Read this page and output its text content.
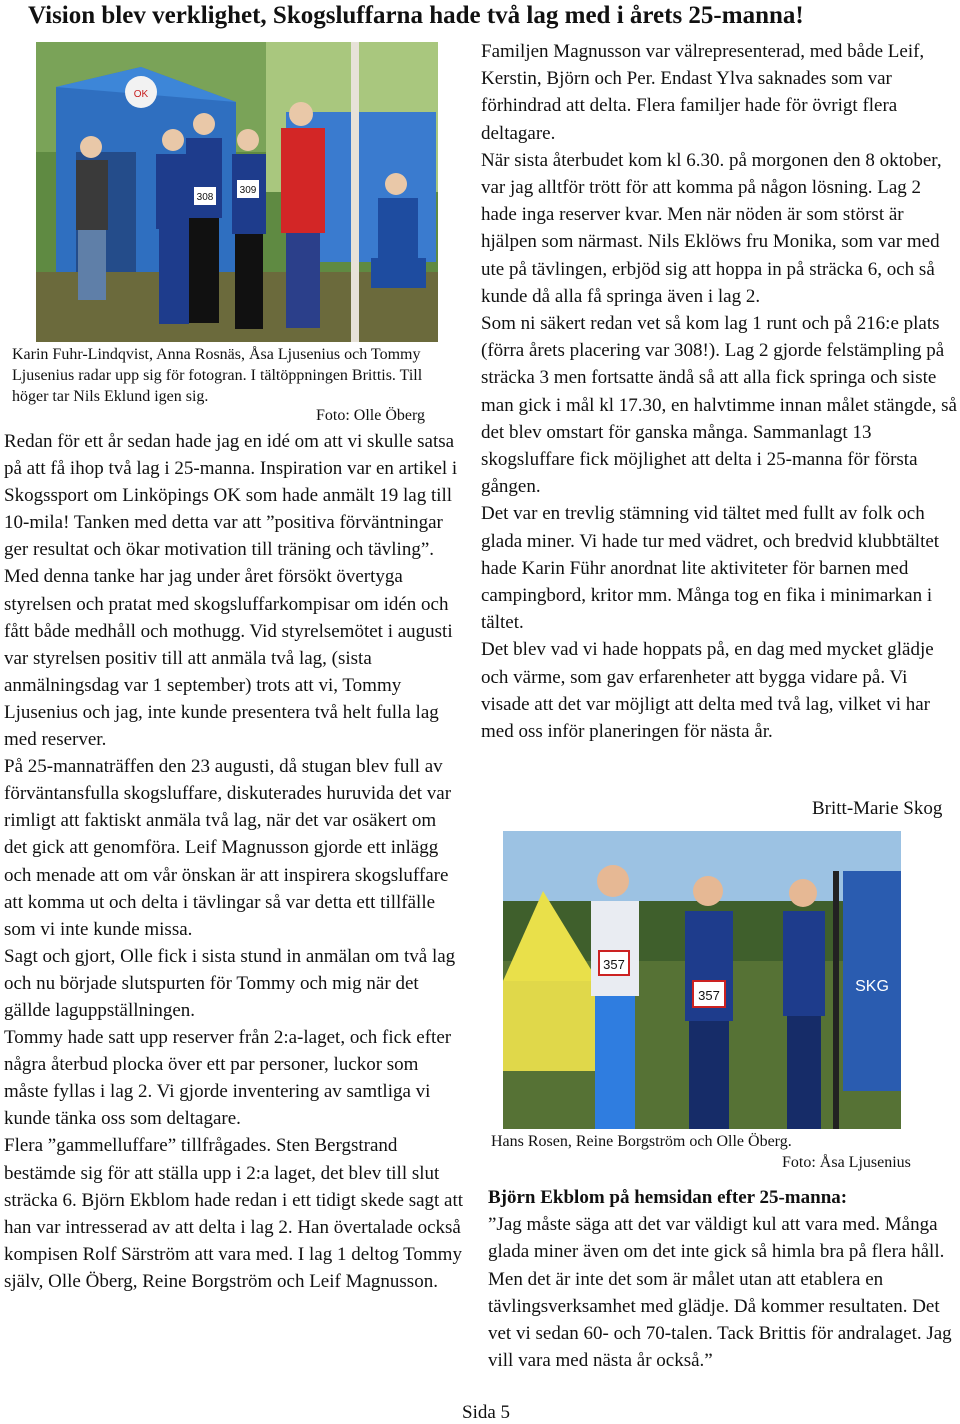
Vision blev verklighet, Skogsluffarna hade två lag med i årets 25-manna!
OK
308
309

Karin Fuhr-Lindqvist, Anna Rosnäs, Åsa Ljusenius och Tommy Ljusenius radar upp sig för fotogran. I tältöppningen Brittis. Till höger tar Nils Eklund igen sig.

Foto: Olle Öberg

Redan för ett år sedan hade jag en idé om att vi skulle satsa på att få ihop två lag i 25-manna. Inspiration var en artikel i Skogssport om Linköpings OK som hade anmält 19 lag till 10-mila! Tanken med detta var att ”positiva förväntningar ger resultat och ökar motivation till träning och tävling”. Med denna tanke har jag under året försökt övertyga styrelsen och pratat med skogsluffarkompisar om idén och fått både medhåll och mothugg. Vid styrelsemötet i augusti var styrelsen positiv till att anmäla två lag, (sista anmälningsdag var 1 september) trots att vi, Tommy Ljusenius och jag, inte kunde presentera två helt fulla lag med reserver.

På 25-mannaträffen den 23 augusti, då stugan blev full av förväntansfulla skogsluffare, diskuterades huruvida det var rimligt att faktiskt anmäla två lag, när det var osäkert om det gick att genomföra. Leif Magnusson gjorde ett inlägg och menade att om vår önskan är att inspirera skogsluffare att komma ut och delta i tävlingar så var detta ett tillfälle som vi inte kunde missa.

Sagt och gjort, Olle fick i sista stund in anmälan om två lag och nu började slutspurten för Tommy och mig när det gällde laguppställningen.

Tommy hade satt upp reserver från 2:a-laget, och fick efter några återbud plocka över ett par personer, luckor som måste fyllas i lag 2. Vi gjorde inventering av samtliga vi kunde tänka oss som deltagare.

Flera ”gammelluffare” tillfrågades. Sten Bergstrand bestämde sig för att ställa upp i 2:a laget, det blev till slut sträcka 6. Björn Ekblom hade redan i ett tidigt skede sagt att han var intresserad av att delta i lag 2. Han övertalade också kompisen Rolf Särström att vara med. I lag 1 deltog Tommy själv, Olle Öberg, Reine Borgström och Leif Magnusson.

Familjen Magnusson var välrepresenterad, med både Leif, Kerstin, Björn och Per. Endast Ylva saknades som var förhindrad att delta. Flera familjer hade för övrigt flera deltagare.

När sista återbudet kom kl 6.30. på morgonen den 8 oktober, var jag alltför trött för att komma på någon lösning. Lag 2 hade inga reserver kvar. Men när nöden är som störst är hjälpen som närmast. Nils Eklöws fru Monika, som var med ute på tävlingen, erbjöd sig att hoppa in på sträcka 6, och så kunde då alla få springa även i lag 2.

Som ni säkert redan vet så kom lag 1 runt och på 216:e plats (förra årets placering var 308!). Lag 2 gjorde felstämpling på sträcka 3 men fortsatte ändå så att alla fick springa och siste man gick i mål kl 17.30, en halvtimme innan målet stängde, så det blev omstart för ganska många. Sammanlagt 13 skogsluffare fick möjlighet att delta i 25-manna för första gången.

Det var en trevlig stämning vid tältet med fullt av folk och glada miner. Vi hade tur med vädret, och bredvid klubbtältet hade Karin Führ anordnat lite aktiviteter för barnen med campingbord, kritor mm. Många tog en fika i minimarkan i tältet.

Det blev vad vi hade hoppats på, en dag med mycket glädje och värme, som gav erfarenheter att bygga vidare på. Vi visade att det var möjligt att delta med två lag, vilket vi har med oss inför planeringen för nästa år.

Britt-Marie Skog

SKG
357
357

Hans Rosen, Reine Borgström och Olle Öberg.

Foto: Åsa Ljusenius

Björn Ekblom på hemsidan efter 25-manna:

”Jag måste säga att det var väldigt kul att vara med. Många glada miner även om det inte gick så himla bra på flera håll. Men det är inte det som är målet utan att etablera en tävlingsverksamhet med glädje. Då kommer resultaten. Det vet vi sedan 60- och 70-talen. Tack Brittis för andralaget. Jag vill vara med nästa år också.”

Sida 5
